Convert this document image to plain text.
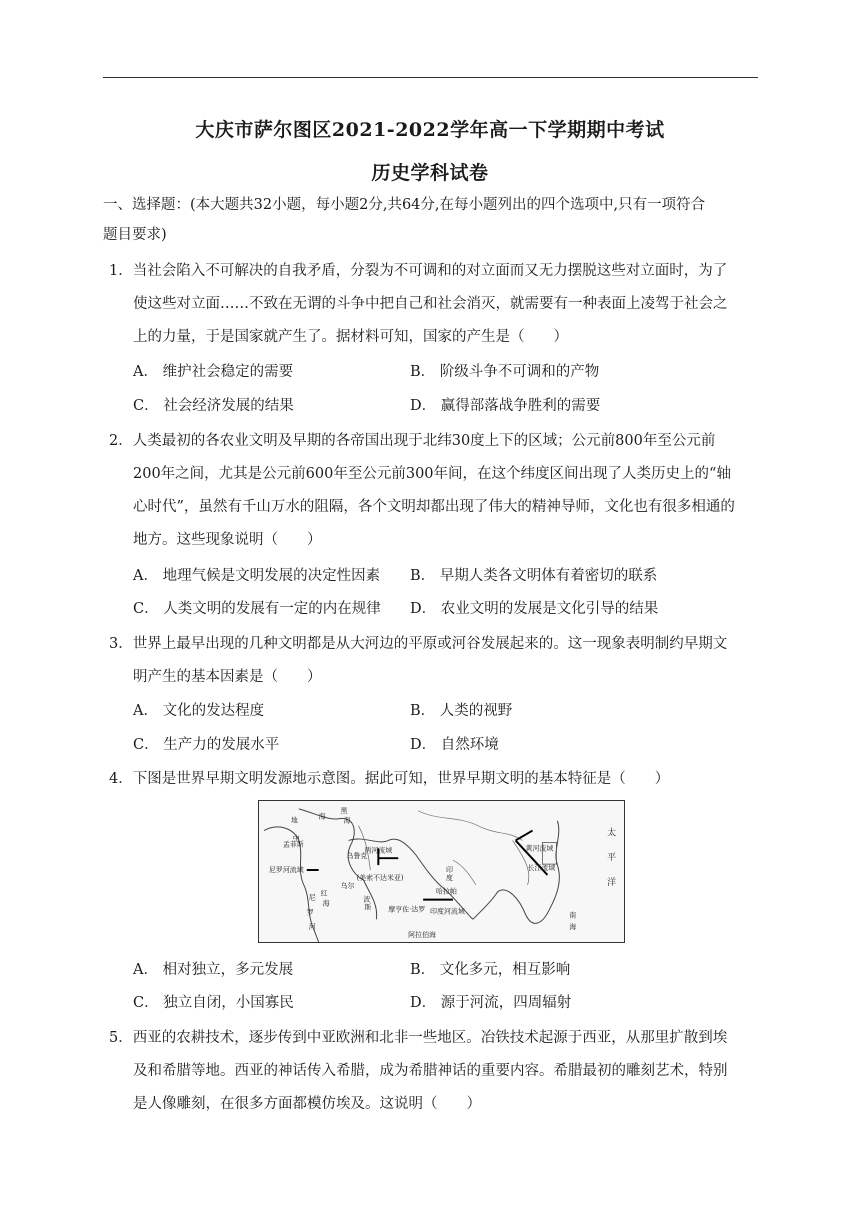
大庆市萨尔图区2021-2022学年高一下学期期中考试
历史学科试卷
一、选择题：(本大题共32小题，每小题2分,共64分,在每小题列出的四个选项中,只有一项符合
题目要求)
1．当社会陷入不可解决的自我矛盾，分裂为不可调和的对立面而又无力摆脱这些对立面时，为了
使这些对立面……不致在无谓的斗争中把自己和社会消灭，就需要有一种表面上凌驾于社会之
上的力量，于是国家就产生了。据材料可知，国家的产生是（　　）
A． 维护社会稳定的需要	B． 阶级斗争不可调和的产物
C． 社会经济发展的结果	D． 赢得部落战争胜利的需要
2．人类最初的各农业文明及早期的各帝国出现于北纬30度上下的区域；公元前800年至公元前
200年之间，尤其是公元前600年至公元前300年间，在这个纬度区间出现了人类历史上的“轴
心时代”，虽然有千山万水的阻隔，各个文明却都出现了伟大的精神导师，文化也有很多相通的
地方。这些现象说明（　　）
A． 地理气候是文明发展的决定性因素 B． 早期人类各文明体有着密切的联系
C． 人类文明的发展有一定的内在规律 D． 农业文明的发展是文化引导的结果
3．世界上最早出现的几种文明都是从大河边的平原或河谷发展起来的。这一现象表明制约早期文
明产生的基本因素是（　　）
A． 文化的发达程度	B． 人类的视野
C． 生产力的发展水平	D． 自然环境
4．下图是世界早期文明发源地示意图。据此可知，世界早期文明的基本特征是（　　）
地
中
海
黑
海
孟菲斯
尼罗河流域
乌鲁克
两河流域
(美索不达米亚)
乌尔
波
斯
红
海
印
度
摩亨佐·达罗
哈拉帕
印度河流域
黄河流域
长江流域
太
平
洋
南
海
阿拉伯海
尼
罗
河
A． 相对独立，多元发展	B． 文化多元，相互影响
C． 独立自闭，小国寡民	D． 源于河流，四周辐射
5．西亚的农耕技术，逐步传到中亚欧洲和北非一些地区。冶铁技术起源于西亚，从那里扩散到埃
及和希腊等地。西亚的神话传入希腊，成为希腊神话的重要内容。希腊最初的雕刻艺术，特别
是人像雕刻，在很多方面都模仿埃及。这说明（　　）
